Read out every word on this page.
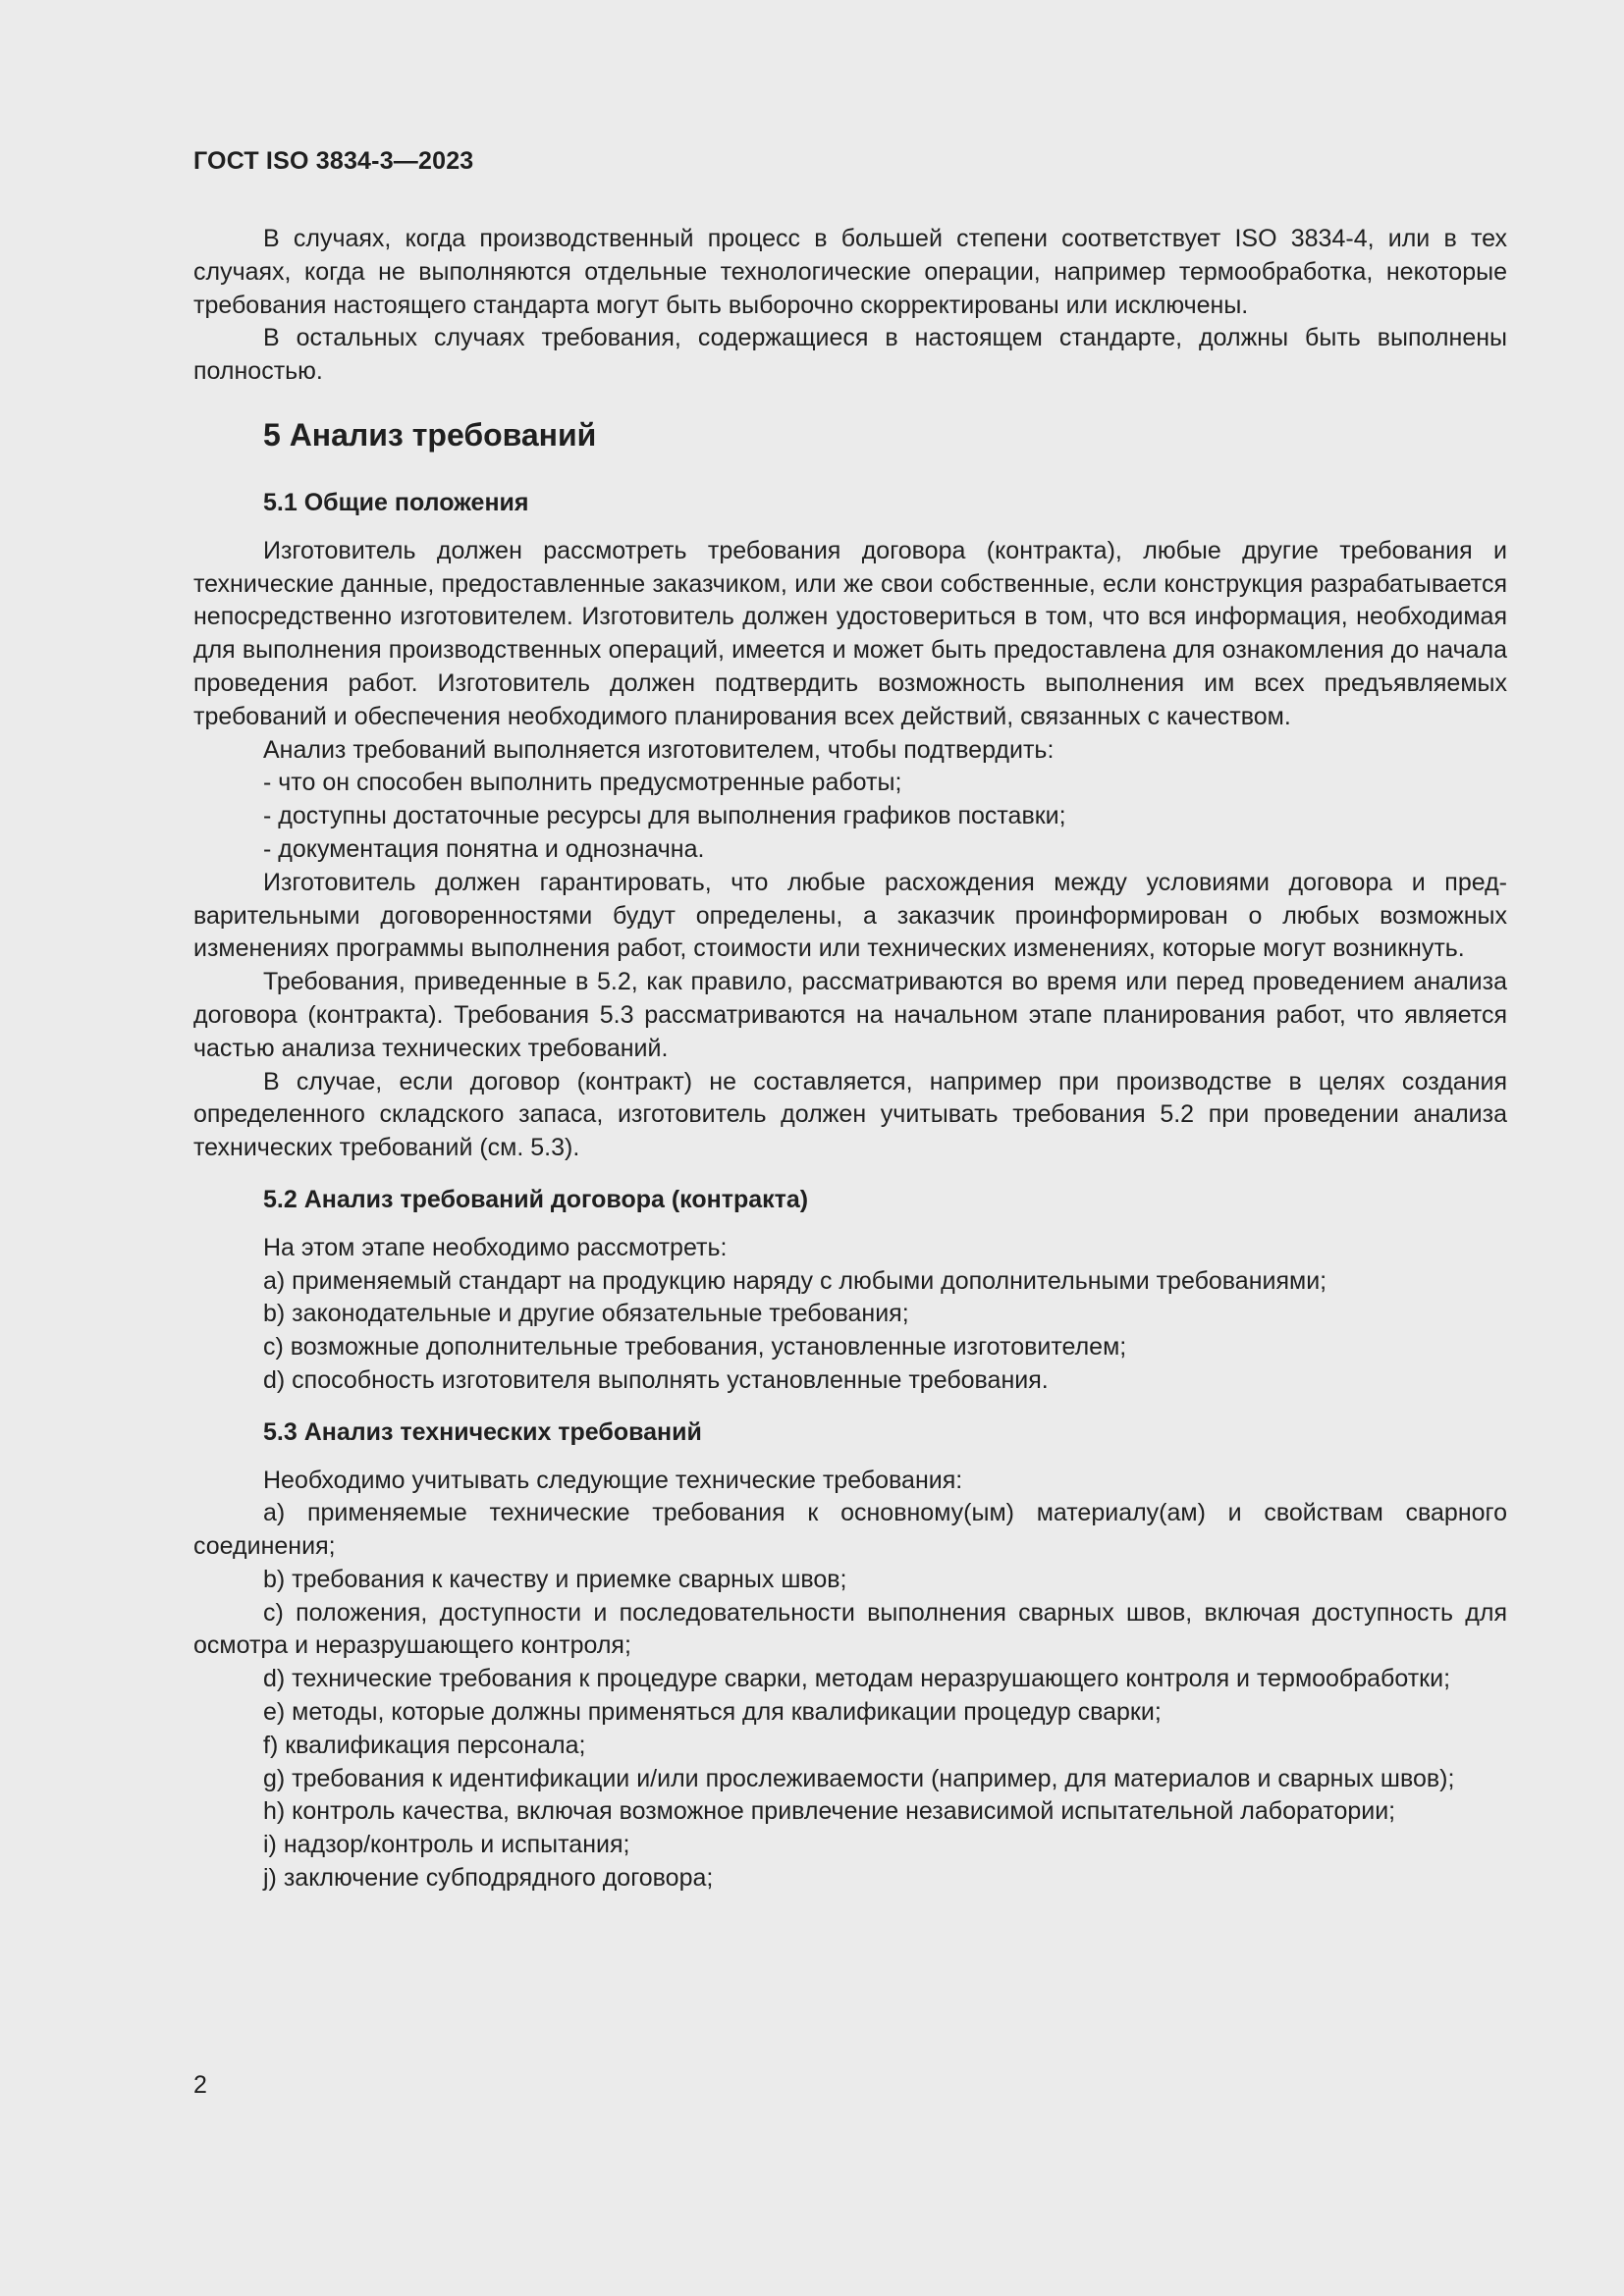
ГОСТ ISO 3834-3—2023

В случаях, когда производственный процесс в большей степени соответствует ISO 3834-4, или в тех случаях, когда не выполняются отдельные технологические операции, например термообработка, некоторые требования настоящего стандарта могут быть выборочно скорректированы или исключены.

В остальных случаях требования, содержащиеся в настоящем стандарте, должны быть выполнены полностью.

5 Анализ требований
5.1 Общие положения

Изготовитель должен рассмотреть требования договора (контракта), любые другие требования и технические данные, предоставленные заказчиком, или же свои собственные, если конструкция разрабатывается непосредственно изготовителем. Изготовитель должен удостовериться в том, что вся информация, необходимая для выполнения производственных операций, имеется и может быть предоставлена для ознакомления до начала проведения работ. Изготовитель должен подтвердить возможность выполнения им всех предъявляемых требований и обеспечения необходимого планирования всех действий, связанных с качеством.

Анализ требований выполняется изготовителем, чтобы подтвердить:

- что он способен выполнить предусмотренные работы;

- доступны достаточные ресурсы для выполнения графиков поставки;

- документация понятна и однозначна.

Изготовитель должен гарантировать, что любые расхождения между условиями договора и предварительными договоренностями будут определены, а заказчик проинформирован о любых возможных изменениях программы выполнения работ, стоимости или технических изменениях, которые могут возникнуть.

Требования, приведенные в 5.2, как правило, рассматриваются во время или перед проведением анализа договора (контракта). Требования 5.3 рассматриваются на начальном этапе планирования работ, что является частью анализа технических требований.

В случае, если договор (контракт) не составляется, например при производстве в целях создания определенного складского запаса, изготовитель должен учитывать требования 5.2 при проведении анализа технических требований (см. 5.3).

5.2 Анализ требований договора (контракта)

На этом этапе необходимо рассмотреть:

a) применяемый стандарт на продукцию наряду с любыми дополнительными требованиями;

b) законодательные и другие обязательные требования;

c) возможные дополнительные требования, установленные изготовителем;

d) способность изготовителя выполнять установленные требования.

5.3 Анализ технических требований

Необходимо учитывать следующие технические требования:

a) применяемые технические требования к основному(ым) материалу(ам) и свойствам сварного соединения;

b) требования к качеству и приемке сварных швов;

c) положения, доступности и последовательности выполнения сварных швов, включая доступность для осмотра и неразрушающего контроля;

d) технические требования к процедуре сварки, методам неразрушающего контроля и термообработки;

e) методы, которые должны применяться для квалификации процедур сварки;

f) квалификация персонала;

g) требования к идентификации и/или прослеживаемости (например, для материалов и сварных швов);

h) контроль качества, включая возможное привлечение независимой испытательной лаборатории;

i) надзор/контроль и испытания;

j) заключение субподрядного договора;

2
